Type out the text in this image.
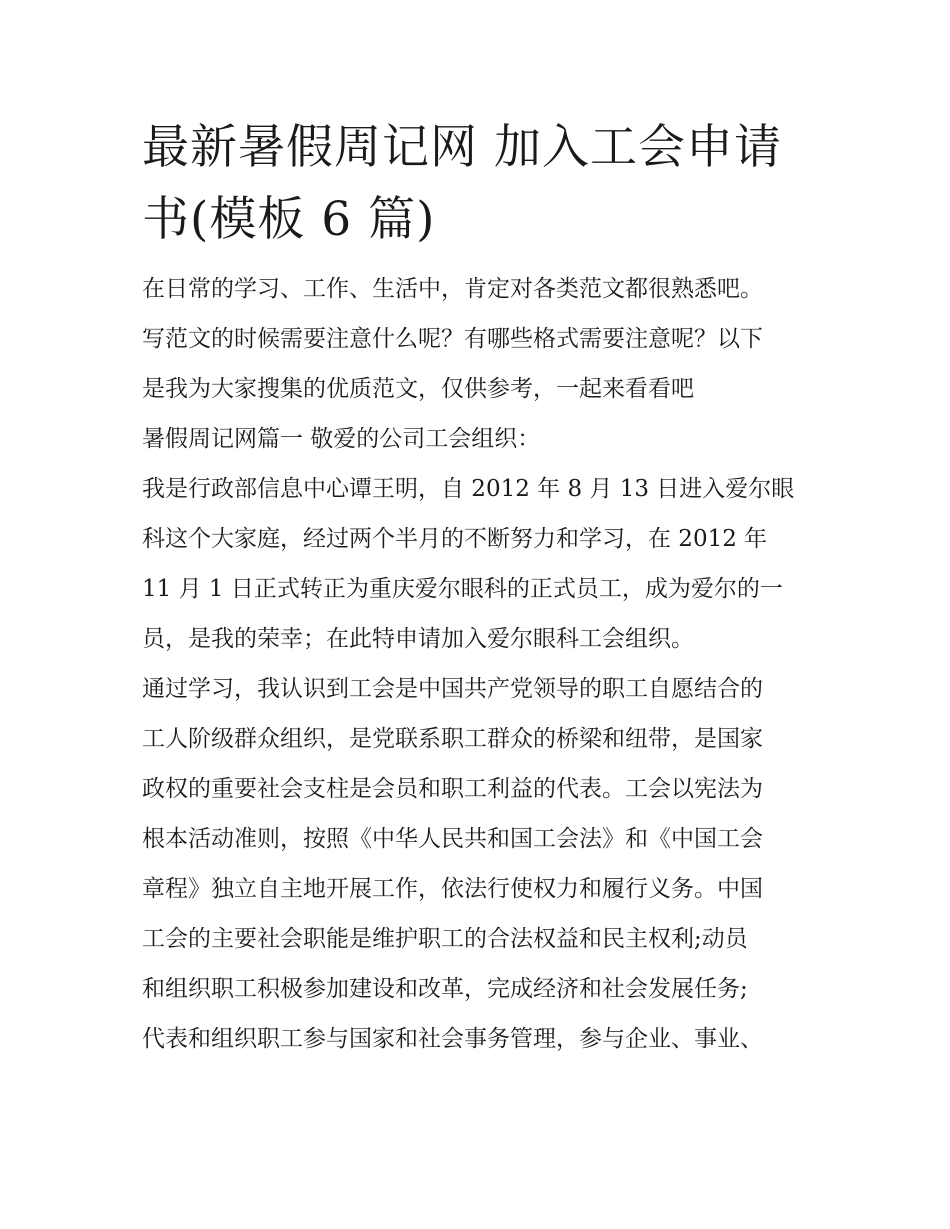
最新暑假周记网 加入工会申请
书(模板 6 篇)
在日常的学习、工作、生活中，肯定对各类范文都很熟悉吧。
写范文的时候需要注意什么呢？有哪些格式需要注意呢？以下
是我为大家搜集的优质范文，仅供参考，一起来看看吧
暑假周记网篇一 敬爱的公司工会组织：
我是行政部信息中心谭王明，自 2012 年 8 月 13 日进入爱尔眼
科这个大家庭，经过两个半月的不断努力和学习，在 2012 年
11 月 1 日正式转正为重庆爱尔眼科的正式员工，成为爱尔的一
员，是我的荣幸；在此特申请加入爱尔眼科工会组织。
通过学习，我认识到工会是中国共产党领导的职工自愿结合的
工人阶级群众组织，是党联系职工群众的桥梁和纽带，是国家
政权的重要社会支柱是会员和职工利益的代表。工会以宪法为
根本活动准则，按照《中华人民共和国工会法》和《中国工会
章程》独立自主地开展工作，依法行使权力和履行义务。中国
工会的主要社会职能是维护职工的合法权益和民主权利;动员
和组织职工积极参加建设和改革，完成经济和社会发展任务;
代表和组织职工参与国家和社会事务管理，参与企业、事业、
